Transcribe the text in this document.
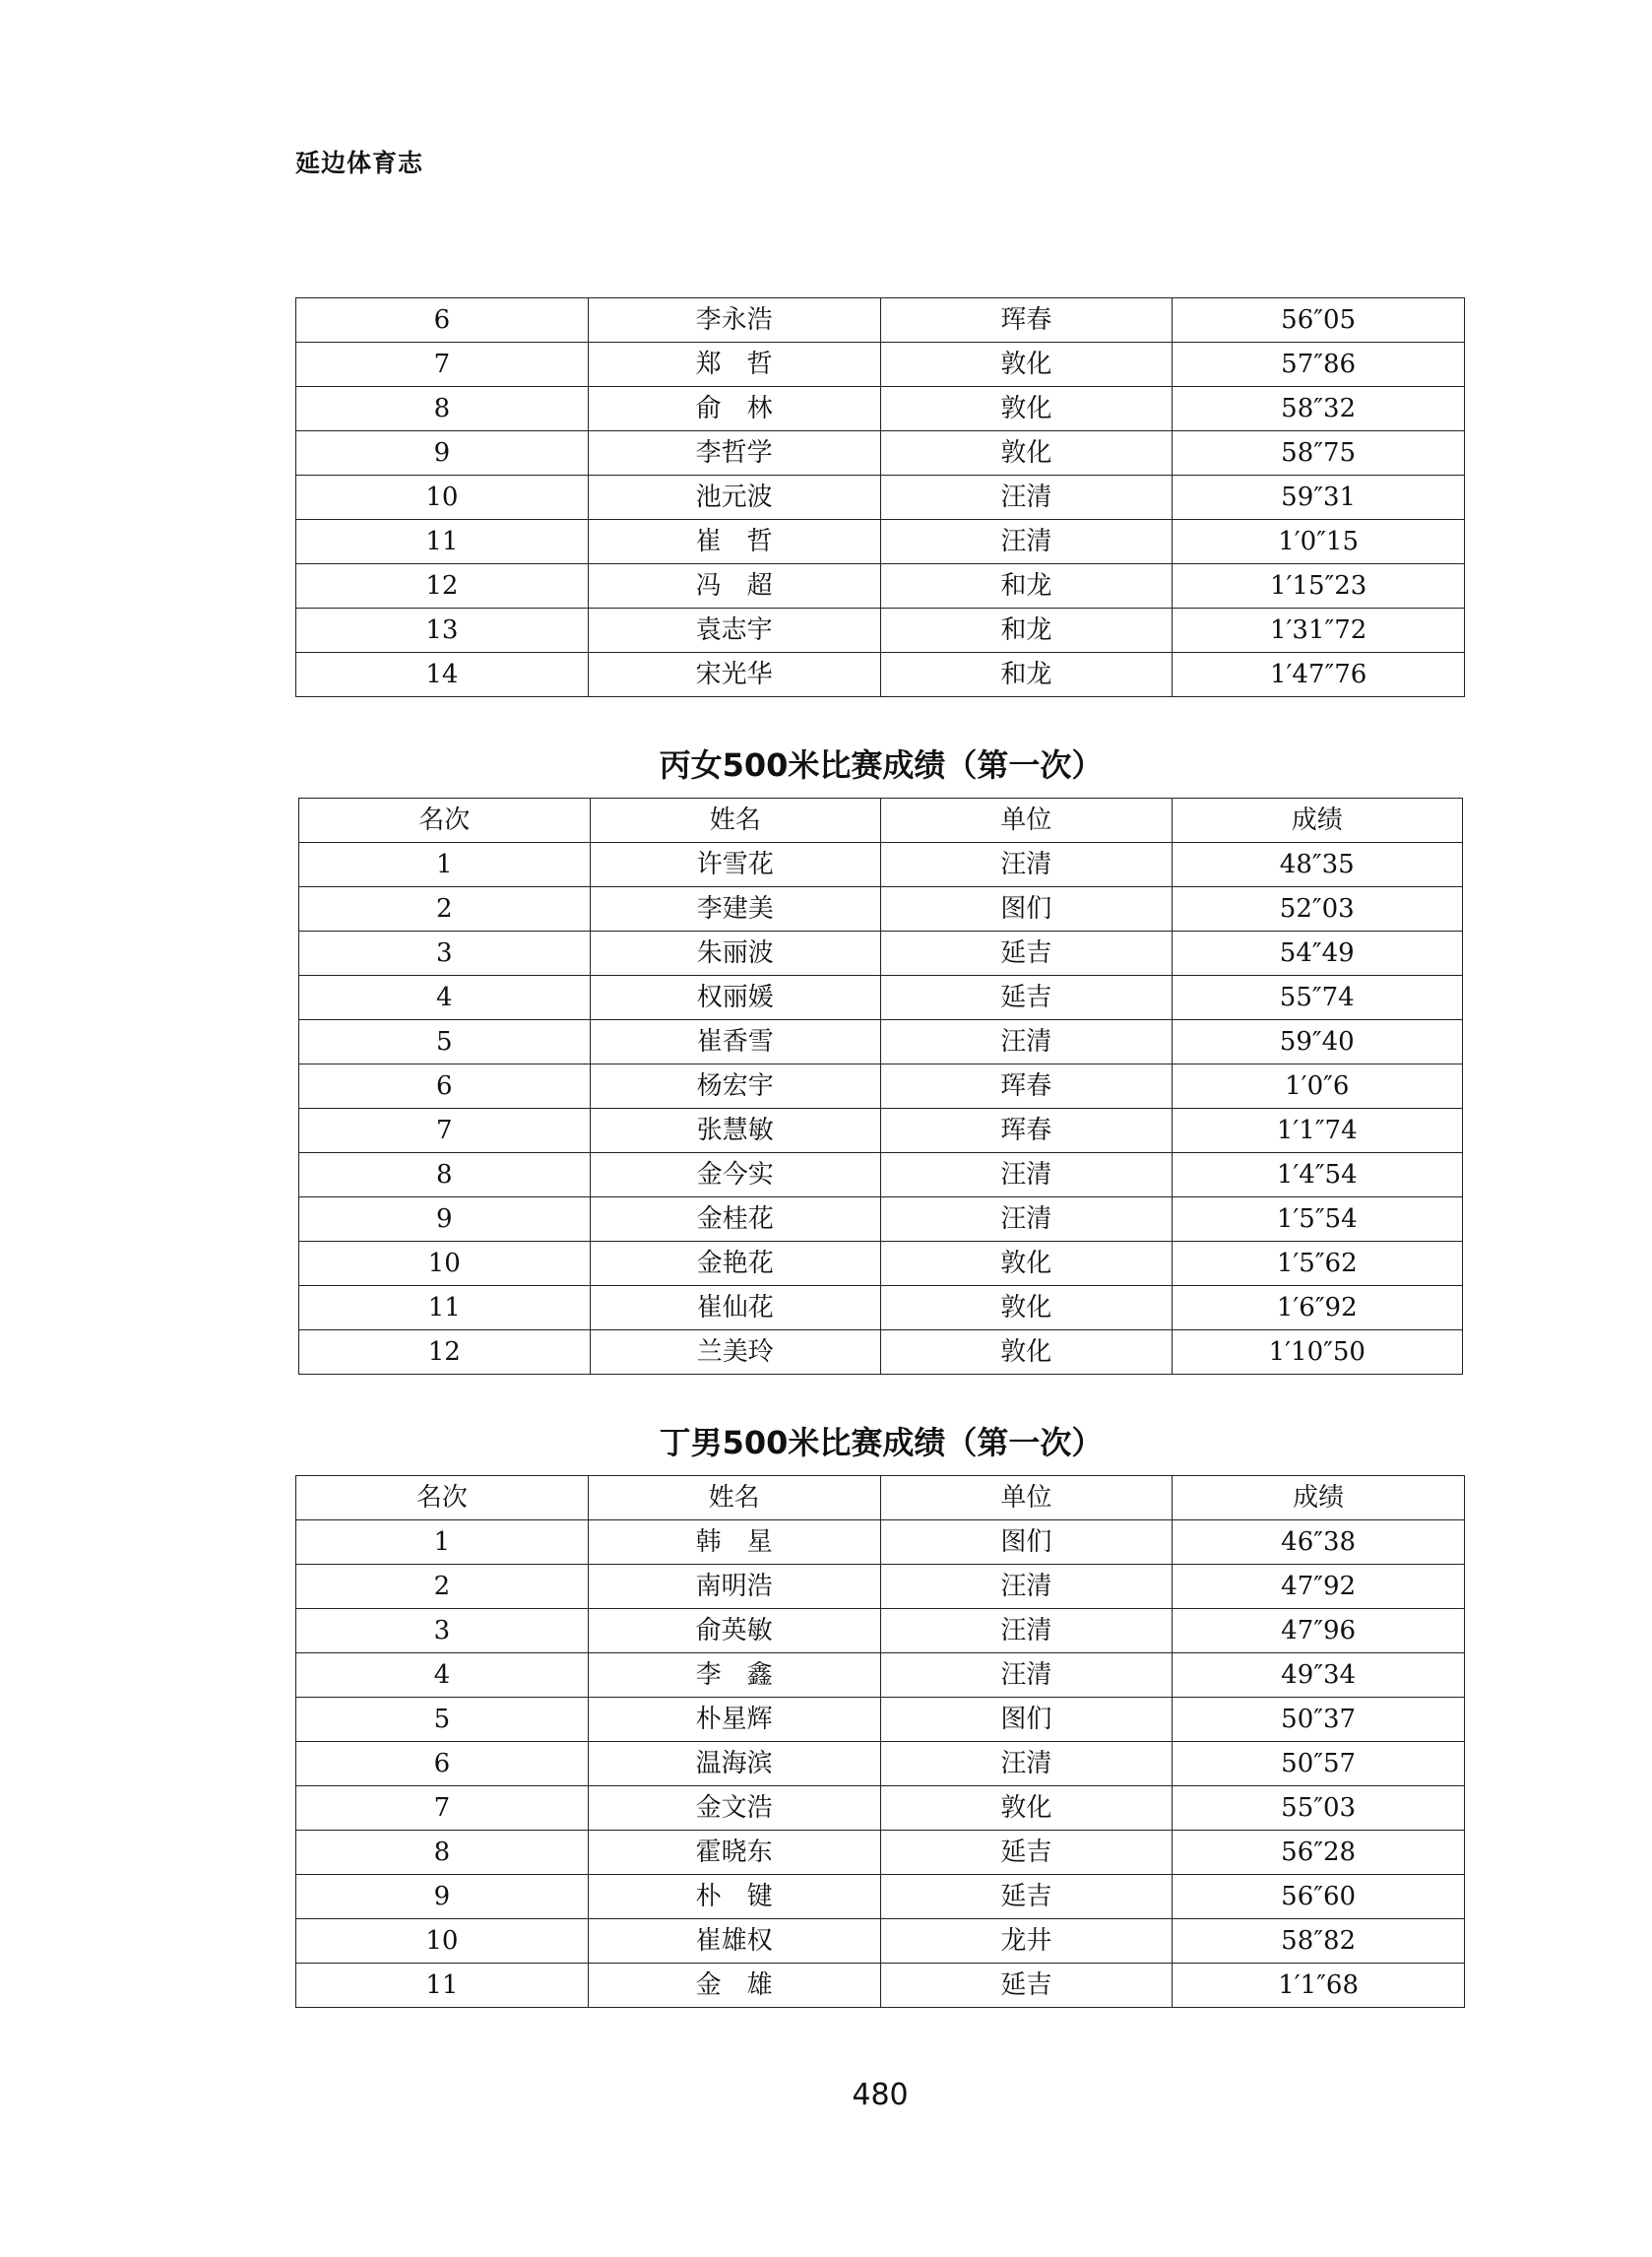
延边体育志
6	李永浩	珲春	56″05
7	郑　哲	敦化	57″86
8	俞　林	敦化	58″32
9	李哲学	敦化	58″75
10	池元波	汪清	59″31
11	崔　哲	汪清	1′0″15
12	冯　超	和龙	1′15″23
13	袁志宇	和龙	1′31″72
14	宋光华	和龙	1′47″76
丙女500米比赛成绩（第一次）
名次	姓名	单位	成绩
1	许雪花	汪清	48″35
2	李建美	图们	52″03
3	朱丽波	延吉	54″49
4	权丽媛	延吉	55″74
5	崔香雪	汪清	59″40
6	杨宏宇	珲春	1′0″6
7	张慧敏	珲春	1′1″74
8	金今实	汪清	1′4″54
9	金桂花	汪清	1′5″54
10	金艳花	敦化	1′5″62
11	崔仙花	敦化	1′6″92
12	兰美玲	敦化	1′10″50
丁男500米比赛成绩（第一次）
名次	姓名	单位	成绩
1	韩　星	图们	46″38
2	南明浩	汪清	47″92
3	俞英敏	汪清	47″96
4	李　鑫	汪清	49″34
5	朴星辉	图们	50″37
6	温海滨	汪清	50″57
7	金文浩	敦化	55″03
8	霍晓东	延吉	56″28
9	朴　键	延吉	56″60
10	崔雄权	龙井	58″82
11	金　雄	延吉	1′1″68
480
